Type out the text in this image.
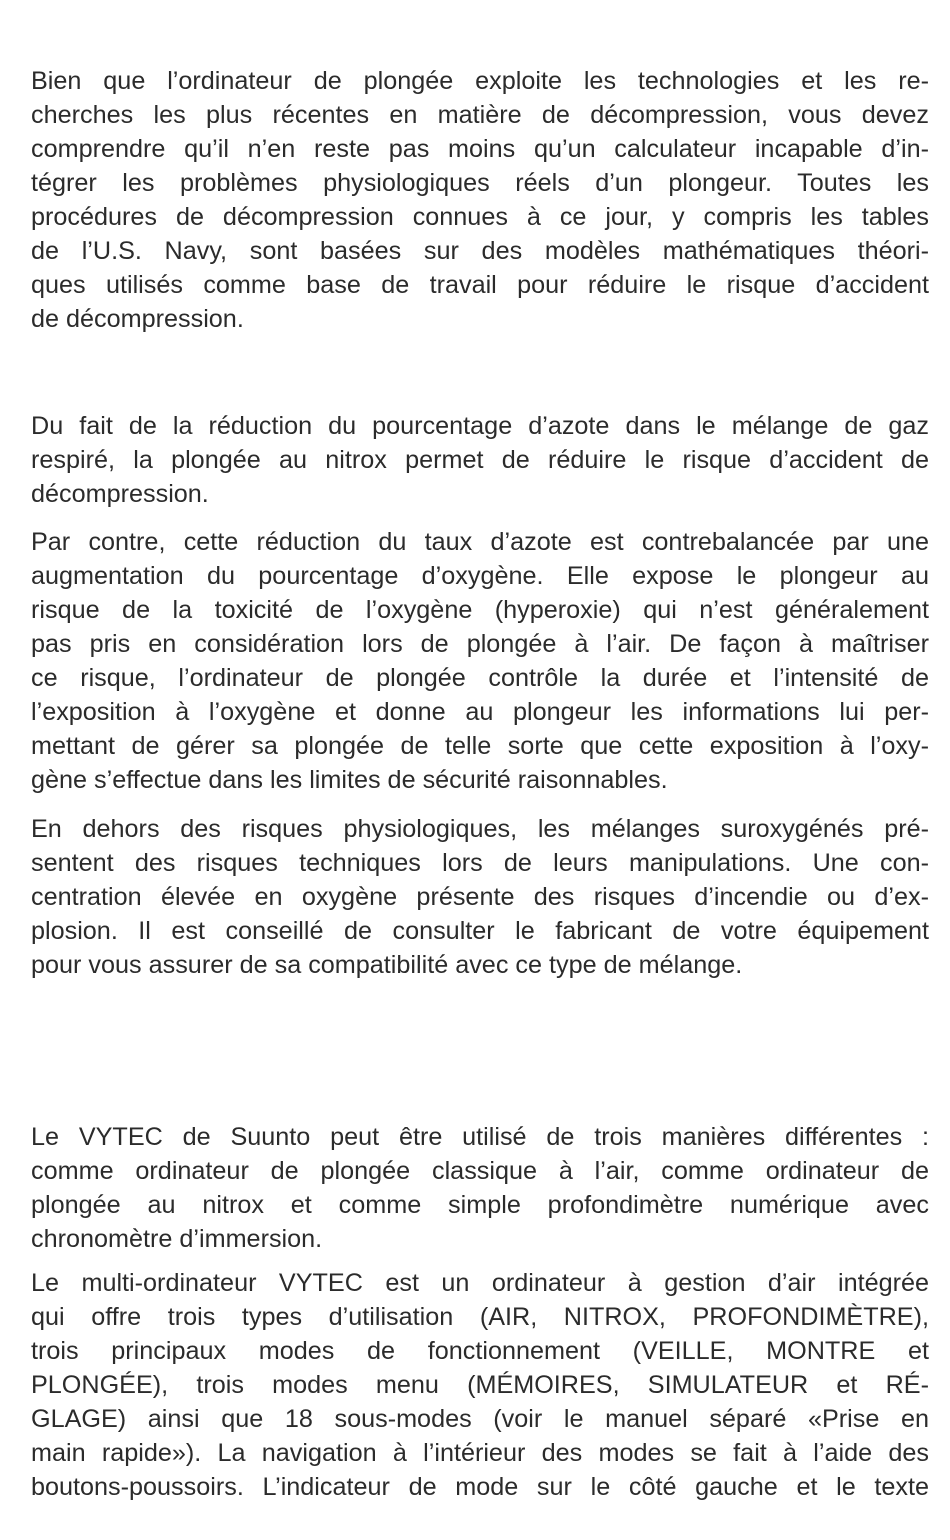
Bien que l’ordinateur de plongée exploite les technologies et les re-
cherches les plus récentes en matière de décompression, vous devez
comprendre qu’il n’en reste pas moins qu’un calculateur incapable d’in-
tégrer les problèmes physiologiques réels d’un plongeur. Toutes les
procédures de décompression connues à ce jour, y compris les tables
de l’U.S. Navy, sont basées sur des modèles mathématiques théori-
ques utilisés comme base de travail pour réduire le risque d’accident
de décompression.
Du fait de la réduction du pourcentage d’azote dans le mélange de gaz
respiré, la plongée au nitrox permet de réduire le risque d’accident de
décompression.
Par contre, cette réduction du taux d’azote est contrebalancée par une
augmentation du pourcentage d’oxygène. Elle expose le plongeur au
risque de la toxicité de l’oxygène (hyperoxie) qui n’est généralement
pas pris en considération lors de plongée à l’air. De façon à maîtriser
ce risque, l’ordinateur de plongée contrôle la durée et l’intensité de
l’exposition à l’oxygène et donne au plongeur les informations lui per-
mettant de gérer sa plongée de telle sorte que cette exposition à l’oxy-
gène s’effectue dans les limites de sécurité raisonnables.
En dehors des risques physiologiques, les mélanges suroxygénés pré-
sentent des risques techniques lors de leurs manipulations. Une con-
centration élevée en oxygène présente des risques d’incendie ou d’ex-
plosion. Il est conseillé de consulter le fabricant de votre équipement
pour vous assurer de sa compatibilité avec ce type de mélange.
Le VYTEC de Suunto peut être utilisé de trois manières différentes :
comme ordinateur de plongée classique à l’air, comme ordinateur de
plongée au nitrox et comme simple profondimètre numérique avec
chronomètre d’immersion.
Le multi-ordinateur VYTEC est un ordinateur à gestion d’air intégrée
qui offre trois types d’utilisation (AIR, NITROX, PROFONDIMÈTRE),
trois principaux modes de fonctionnement (VEILLE, MONTRE et
PLONGÉE), trois modes menu (MÉMOIRES, SIMULATEUR et RÉ-
GLAGE) ainsi que 18 sous-modes (voir le manuel séparé «Prise en
main rapide»). La navigation à l’intérieur des modes se fait à l’aide des
boutons-poussoirs. L’indicateur de mode sur le côté gauche et le texte
